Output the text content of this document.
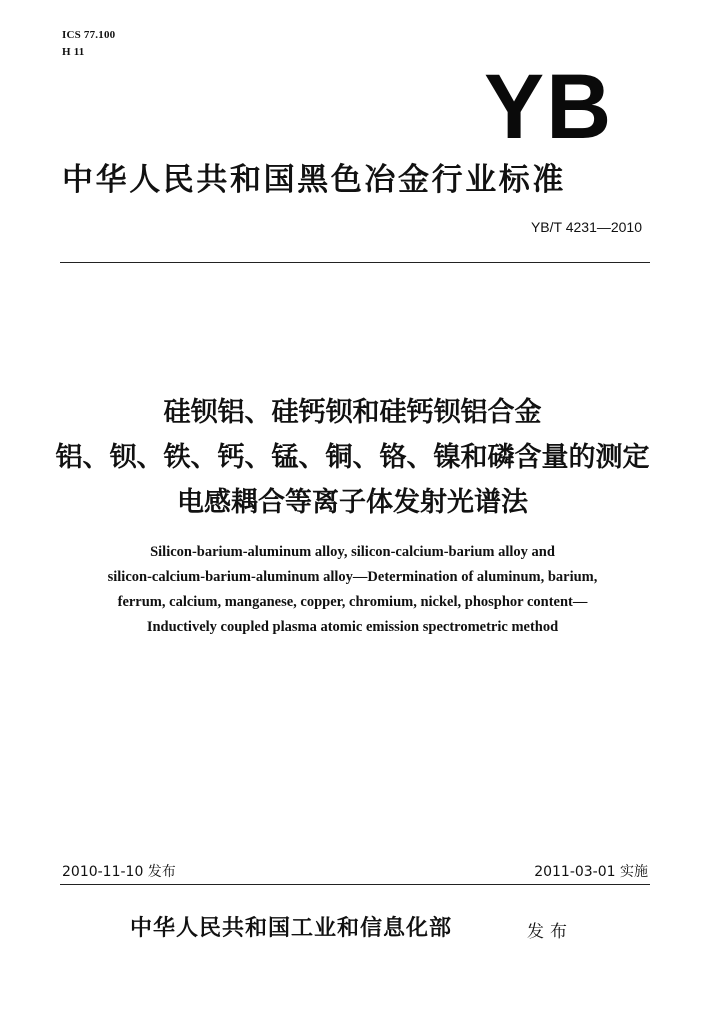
ICS 77.100
H 11
YB
中华人民共和国黑色冶金行业标准
YB/T 4231—2010
硅钡铝、硅钙钡和硅钙钡铝合金
铝、钡、铁、钙、锰、铜、铬、镍和磷含量的测定
电感耦合等离子体发射光谱法
Silicon-barium-aluminum alloy, silicon-calcium-barium alloy and
silicon-calcium-barium-aluminum alloy—Determination of aluminum, barium,
ferrum, calcium, manganese, copper, chromium, nickel, phosphor content—
Inductively coupled plasma atomic emission spectrometric method
2010-11-10 发布	2011-03-01 实施
中华人民共和国工业和信息化部	发布
